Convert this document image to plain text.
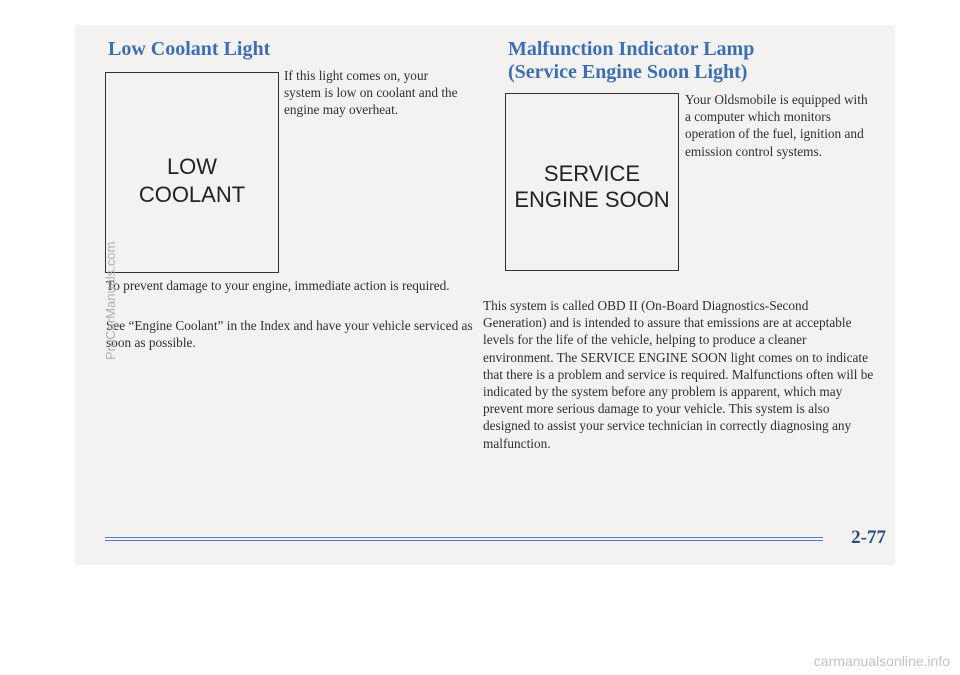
Low Coolant Light
LOW
COOLANT

If this light comes on, your system is low on coolant and the engine may overheat.

To prevent damage to your engine, immediate action is required.

See “Engine Coolant” in the Index and have your vehicle serviced as soon as possible.

Malfunction Indicator Lamp
(Service Engine Soon Light)
SERVICE
ENGINE SOON

Your Oldsmobile is equipped with a computer which monitors operation of the fuel, ignition and emission control systems.

This system is called OBD II (On-Board Diagnostics-Second Generation) and is intended to assure that emissions are at acceptable levels for the life of the vehicle, helping to produce a cleaner environment. The SERVICE ENGINE SOON light comes on to indicate that there is a problem and service is required. Malfunctions often will be indicated by the system before any problem is apparent, which may prevent more serious damage to your vehicle. This system is also designed to assist your service technician in correctly diagnosing any malfunction.

2-77

ProCarManuals.com
carmanualsonline.info
